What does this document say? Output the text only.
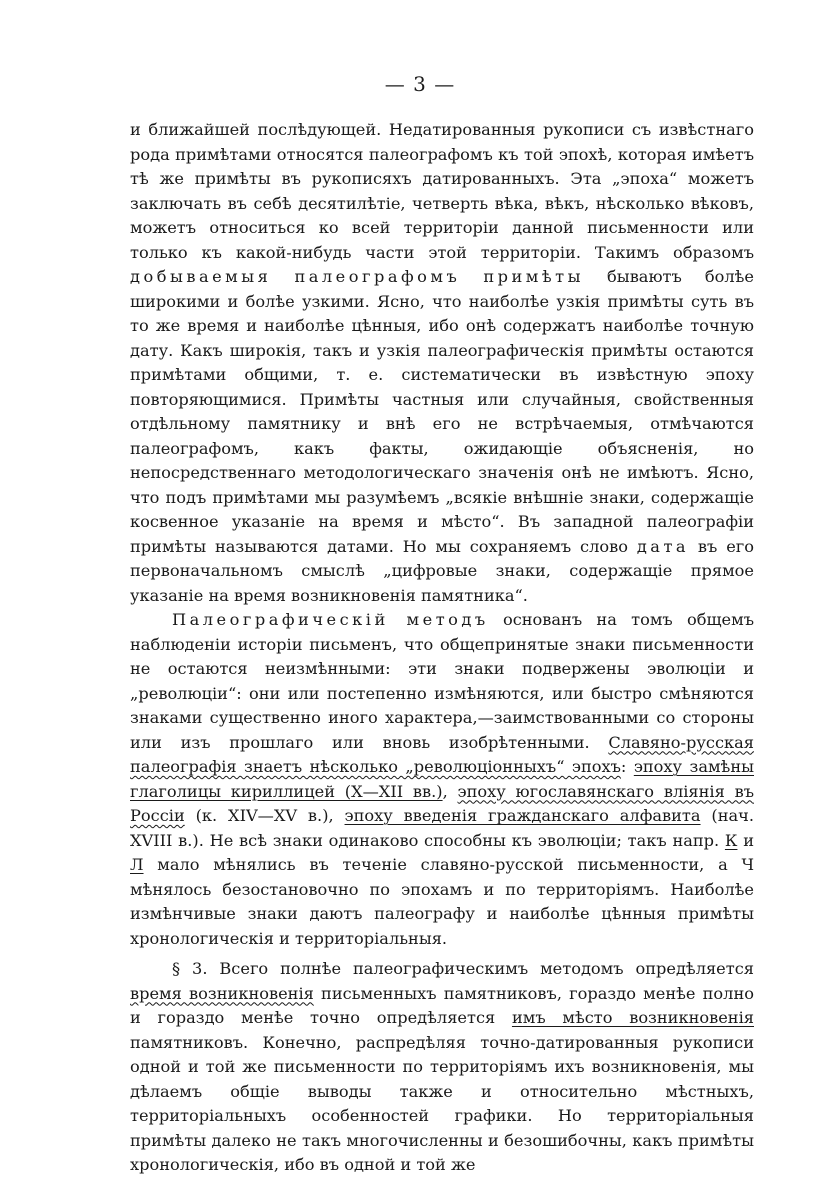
— 3 —

и ближайшей послѣдующей. Недатированныя рукописи съ извѣстнаго рода примѣтами относятся палеографомъ къ той эпохѣ, которая имѣетъ тѣ же примѣты въ рукописяхъ датированныхъ. Эта „эпоха“ можетъ заключать въ себѣ десятилѣтіе, четверть вѣка, вѣкъ, нѣсколько вѣковъ, можетъ относиться ко всей территоріи данной письменности или только къ какой-нибудь части этой территоріи. Такимъ образомъ добываемыя палеографомъ примѣты бываютъ болѣе широкими и болѣе узкими. Ясно, что наиболѣе узкія примѣты суть въ то же время и наиболѣе цѣнныя, ибо онѣ содержатъ наиболѣе точную дату. Какъ широкія, такъ и узкія палеографическія примѣты остаются примѣтами общими, т. е. систематически въ извѣстную эпоху повторяющимися. Примѣты частныя или случайныя, свойственныя отдѣльному памятнику и внѣ его не встрѣчаемыя, отмѣчаются палеографомъ, какъ факты, ожидающіе объясненія, но непосредственнаго методологическаго значенія онѣ не имѣютъ. Ясно, что подъ примѣтами мы разумѣемъ „всякіе внѣшніе знаки, содержащіе косвенное указаніе на время и мѣсто“. Въ западной палеографіи примѣты называются датами. Но мы сохраняемъ слово дата въ его первоначальномъ смыслѣ „цифровые знаки, содержащіе прямое указаніе на время возникновенія памятника“.

Палеографическій методъ основанъ на томъ общемъ наблюденіи исторіи письменъ, что общепринятые знаки письменности не остаются неизмѣнными: эти знаки подвержены эволюціи и „революціи“: они или постепенно измѣняются, или быстро смѣняются знаками существенно иного характера,—заимствованными со стороны или изъ прошлаго или вновь изобрѣтенными. Славяно-русская палеографія знаетъ нѣсколько „революціонныхъ“ эпохъ: эпоху замѣны глаголицы кириллицей (X—XII вв.), эпоху югославянскаго вліянія въ Россіи (к. XIV—XV в.), эпоху введенія гражданскаго алфавита (нач. XVIII в.). Не всѣ знаки одинаково способны къ эволюціи; такъ напр. К и Л мало мѣнялись въ теченіе славяно-русской письменности, а Ч мѣнялось безостановочно по эпохамъ и по территоріямъ. Наиболѣе измѣнчивые знаки даютъ палеографу и наиболѣе цѣнныя примѣты хронологическія и территоріальныя.

§ 3. Всего полнѣе палеографическимъ методомъ опредѣляется время возникновенія письменныхъ памятниковъ, гораздо менѣе полно и гораздо менѣе точно опредѣляется имъ мѣсто возникновенія памятниковъ. Конечно, распредѣляя точно-датированныя рукописи одной и той же письменности по территоріямъ ихъ возникновенія, мы дѣлаемъ общіе выводы также и относительно мѣстныхъ, территоріальныхъ особенностей графики. Но территоріальныя примѣты далеко не такъ многочисленны и безошибочны, какъ примѣты хронологическія, ибо въ одной и той же
